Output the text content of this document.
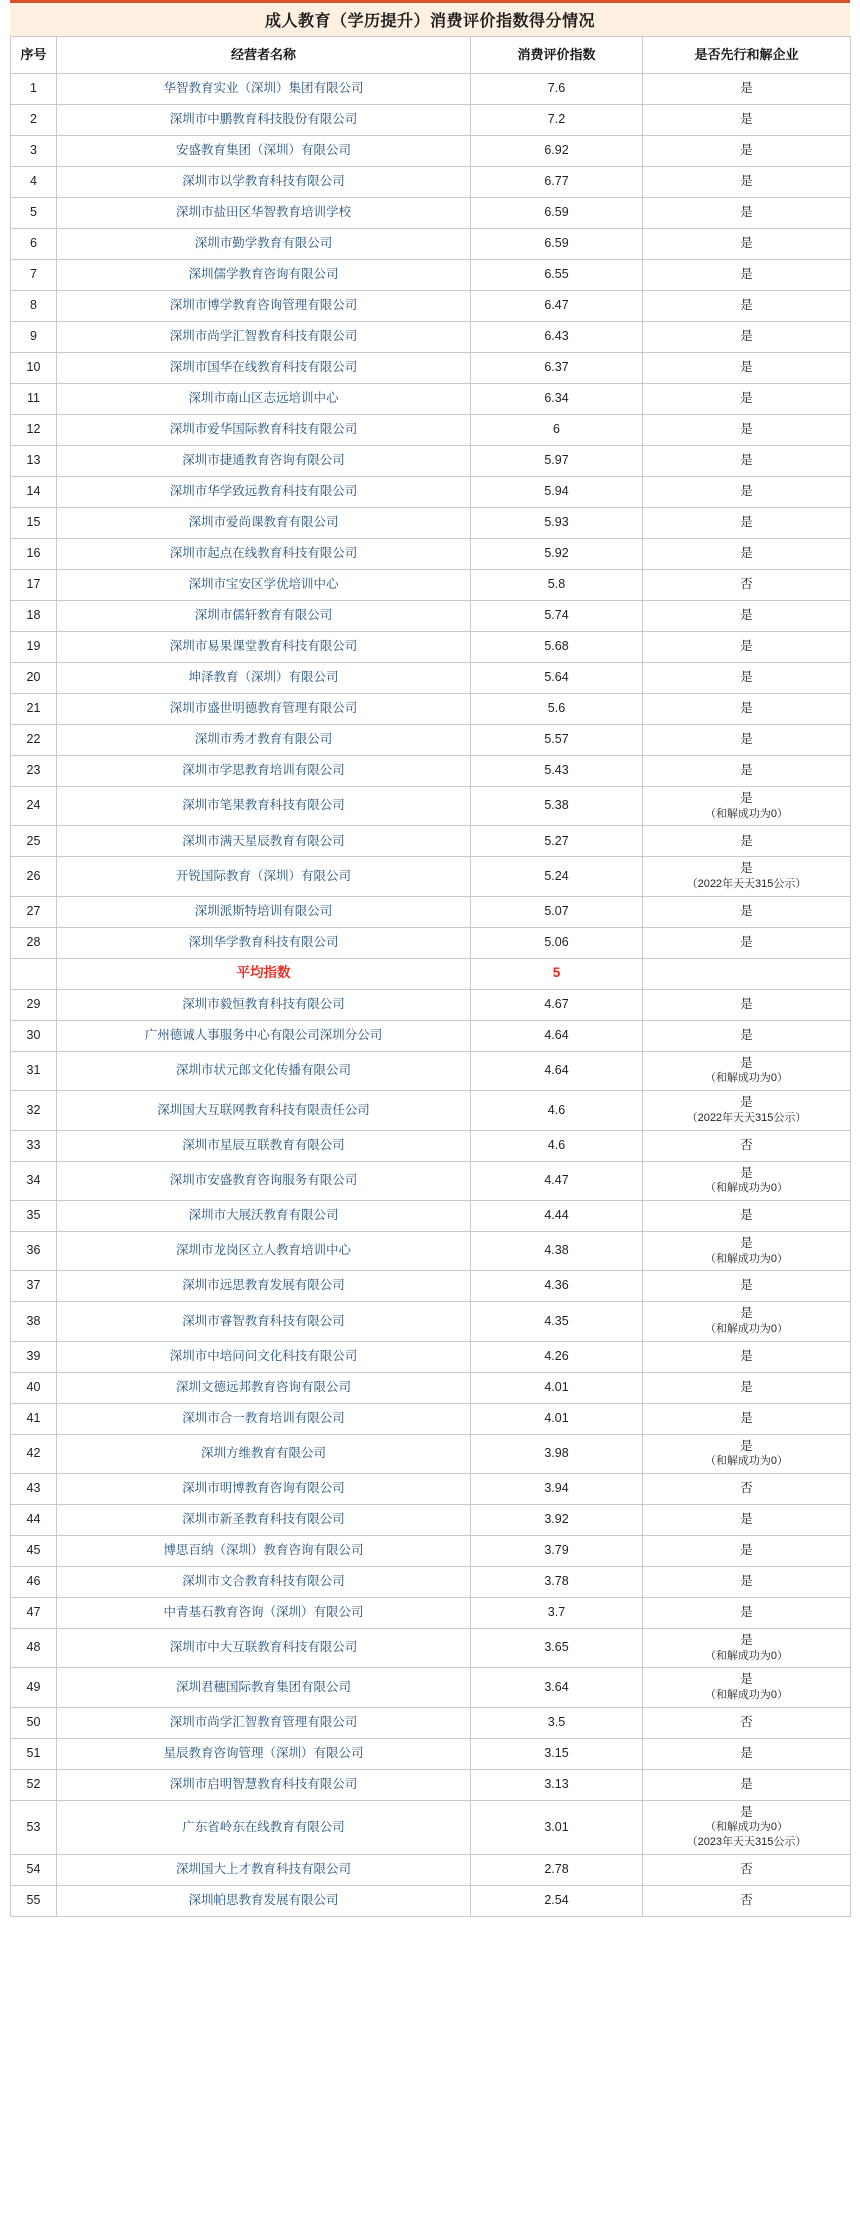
成人教育（学历提升）消费评价指数得分情况
序号	经营者名称	消费评价指数	是否先行和解企业
1	华智教育实业（深圳）集团有限公司	7.6	是
2	深圳市中鹏教育科技股份有限公司	7.2	是
3	安盛教育集团（深圳）有限公司	6.92	是
4	深圳市以学教育科技有限公司	6.77	是
5	深圳市盐田区华智教育培训学校	6.59	是
6	深圳市勤学教育有限公司	6.59	是
7	深圳儒学教育咨询有限公司	6.55	是
8	深圳市博学教育咨询管理有限公司	6.47	是
9	深圳市尚学汇智教育科技有限公司	6.43	是
10	深圳市国华在线教育科技有限公司	6.37	是
11	深圳市南山区志远培训中心	6.34	是
12	深圳市爱华国际教育科技有限公司	6	是
13	深圳市捷通教育咨询有限公司	5.97	是
14	深圳市华学致远教育科技有限公司	5.94	是
15	深圳市爱尚课教育有限公司	5.93	是
16	深圳市起点在线教育科技有限公司	5.92	是
17	深圳市宝安区学优培训中心	5.8	否
18	深圳市儒轩教育有限公司	5.74	是
19	深圳市易果课堂教育科技有限公司	5.68	是
20	坤泽教育（深圳）有限公司	5.64	是
21	深圳市盛世明德教育管理有限公司	5.6	是
22	深圳市秀才教育有限公司	5.57	是
23	深圳市学思教育培训有限公司	5.43	是
24	深圳市笔果教育科技有限公司	5.38	是
（和解成功为0）

25	深圳市满天星辰教育有限公司	5.27	是
26	开锐国际教育（深圳）有限公司	5.24	是
（2022年天天315公示）

27	深圳派斯特培训有限公司	5.07	是
28	深圳华学教育科技有限公司	5.06	是
	平均指数	5	
29	深圳市毅恒教育科技有限公司	4.67	是
30	广州德诚人事服务中心有限公司深圳分公司	4.64	是
31	深圳市状元郎文化传播有限公司	4.64	是
（和解成功为0）

32	深圳国大互联网教育科技有限责任公司	4.6	是
（2022年天天315公示）

33	深圳市星辰互联教育有限公司	4.6	否
34	深圳市安盛教育咨询服务有限公司	4.47	是
（和解成功为0）

35	深圳市大展沃教育有限公司	4.44	是
36	深圳市龙岗区立人教育培训中心	4.38	是
（和解成功为0）

37	深圳市远思教育发展有限公司	4.36	是
38	深圳市睿智教育科技有限公司	4.35	是
（和解成功为0）

39	深圳市中培问问文化科技有限公司	4.26	是
40	深圳文德远邦教育咨询有限公司	4.01	是
41	深圳市合一教育培训有限公司	4.01	是
42	深圳方维教育有限公司	3.98	是
（和解成功为0）

43	深圳市明博教育咨询有限公司	3.94	否
44	深圳市新圣教育科技有限公司	3.92	是
45	博思百纳（深圳）教育咨询有限公司	3.79	是
46	深圳市文合教育科技有限公司	3.78	是
47	中青基石教育咨询（深圳）有限公司	3.7	是
48	深圳市中大互联教育科技有限公司	3.65	是
（和解成功为0）

49	深圳君穗国际教育集团有限公司	3.64	是
（和解成功为0）

50	深圳市尚学汇智教育管理有限公司	3.5	否
51	星辰教育咨询管理（深圳）有限公司	3.15	是
52	深圳市启明智慧教育科技有限公司	3.13	是
53	广东省岭东在线教育有限公司	3.01	是
（和解成功为0）
（2023年天天315公示）

54	深圳国大上才教育科技有限公司	2.78	否
55	深圳帕思教育发展有限公司	2.54	否
